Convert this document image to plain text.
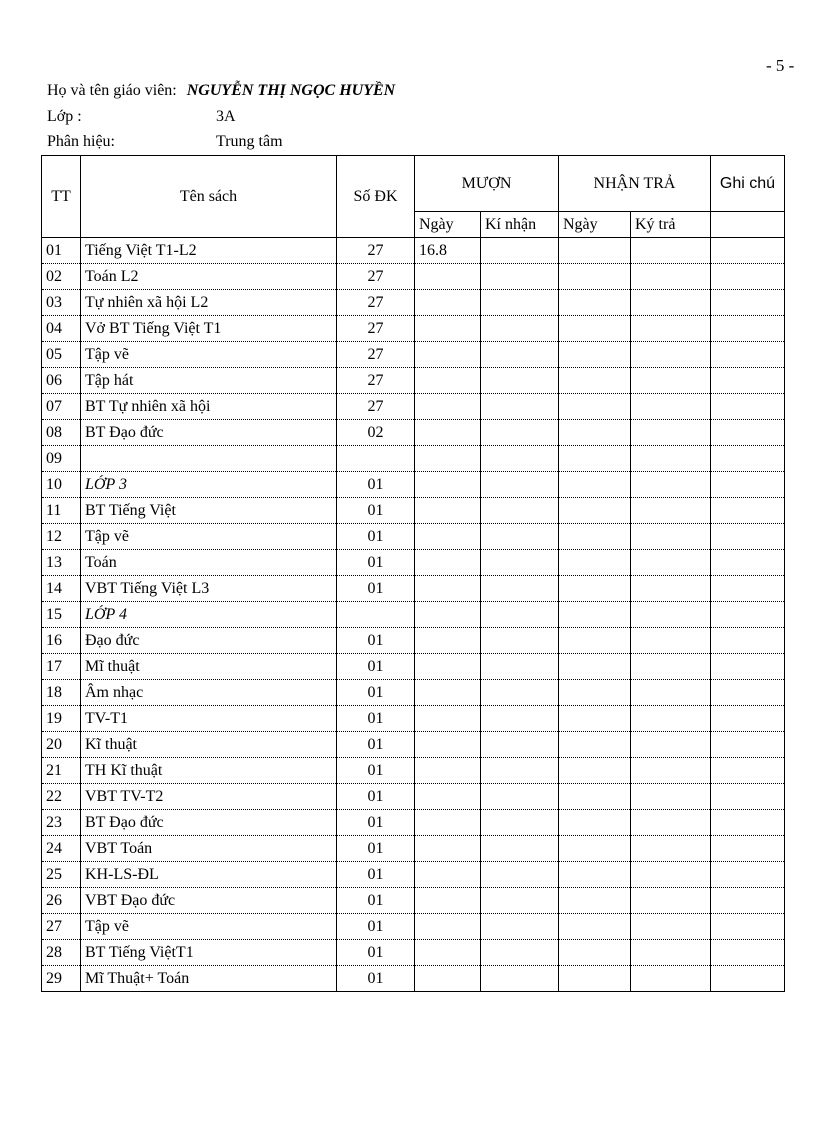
- 5 -
Họ và tên giáo viên: NGUYỄN THỊ NGỌC HUYỀN
Lớp :	3A
Phân hiệu:	Trung tâm
TT	Tên sách	Số ĐK	MƯỢN		NHẬN TRẢ		Ghi chú
			Ngày	Kí nhận	Ngày	Ký trả	
01	Tiếng Việt T1-L2	27	16.8				
02	Toán L2	27					
03	Tự nhiên xã hội L2	27					
04	Vở BT Tiếng Việt T1	27					
05	Tập vẽ	27					
06	Tập hát	27					
07	BT Tự nhiên xã hội	27					
08	BT Đạo đức	02					
09							
10	LỚP 3	01					
11	BT Tiếng Việt	01					
12	Tập vẽ	01					
13	Toán	01					
14	VBT Tiếng Việt L3	01					
15	LỚP 4						
16	Đạo đức	01					
17	Mĩ thuật	01					
18	Âm nhạc	01					
19	TV-T1	01					
20	Kĩ thuật	01					
21	TH Kĩ thuật	01					
22	VBT TV-T2	01					
23	BT Đạo đức	01					
24	VBT Toán	01					
25	KH-LS-ĐL	01					
26	VBT Đạo đức	01					
27	Tập vẽ	01					
28	BT Tiếng ViệtT1	01					
29	Mĩ Thuật+ Toán	01					
